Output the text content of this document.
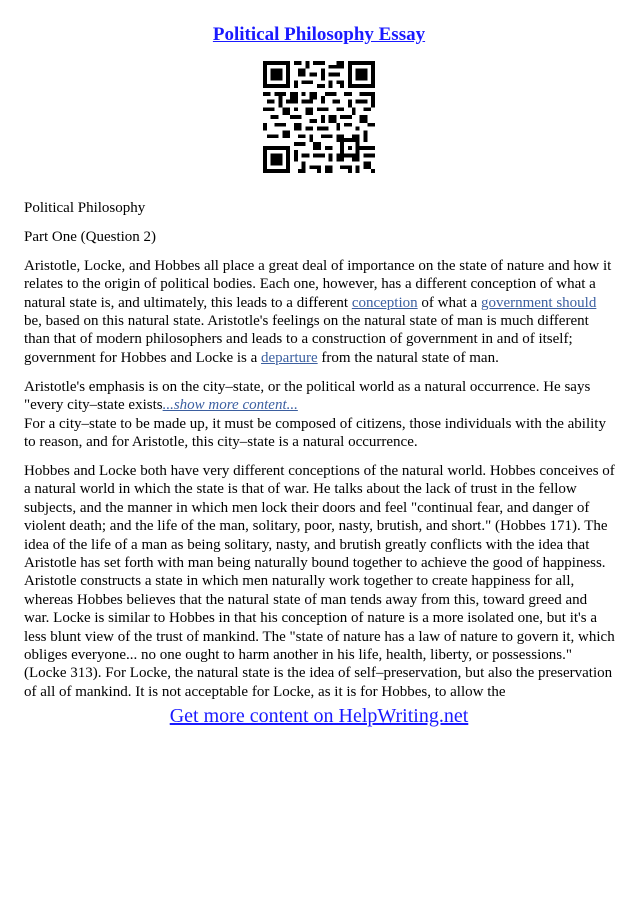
Political Philosophy Essay

Political Philosophy

Part One (Question 2)

Aristotle, Locke, and Hobbes all place a great deal of importance on the state of nature and how it relates to the origin of political bodies. Each one, however, has a different conception of what a natural state is, and ultimately, this leads to a different conception of what a government should be, based on this natural state. Aristotle's feelings on the natural state of man is much different than that of modern philosophers and leads to a construction of government in and of itself; government for Hobbes and Locke is a departure from the natural state of man.

Aristotle's emphasis is on the city–state, or the political world as a natural occurrence. He says "every city–state exists...show more content...

For a city–state to be made up, it must be composed of citizens, those individuals with the ability to reason, and for Aristotle, this city–state is a natural occurrence.

Hobbes and Locke both have very different conceptions of the natural world. Hobbes conceives of a natural world in which the state is that of war. He talks about the lack of trust in the fellow subjects, and the manner in which men lock their doors and feel "continual fear, and danger of violent death; and the life of the man, solitary, poor, nasty, brutish, and short." (Hobbes 171). The idea of the life of a man as being solitary, nasty, and brutish greatly conflicts with the idea that Aristotle has set forth with man being naturally bound together to achieve the good of happiness. Aristotle constructs a state in which men naturally work together to create happiness for all, whereas Hobbes believes that the natural state of man tends away from this, toward greed and war. Locke is similar to Hobbes in that his conception of nature is a more isolated one, but it's a less blunt view of the trust of mankind. The "state of nature has a law of nature to govern it, which obliges everyone... no one ought to harm another in his life, health, liberty, or possessions." (Locke 313). For Locke, the natural state is the idea of self–preservation, but also the preservation of all of mankind. It is not acceptable for Locke, as it is for Hobbes, to allow the

Get more content on HelpWriting.net
